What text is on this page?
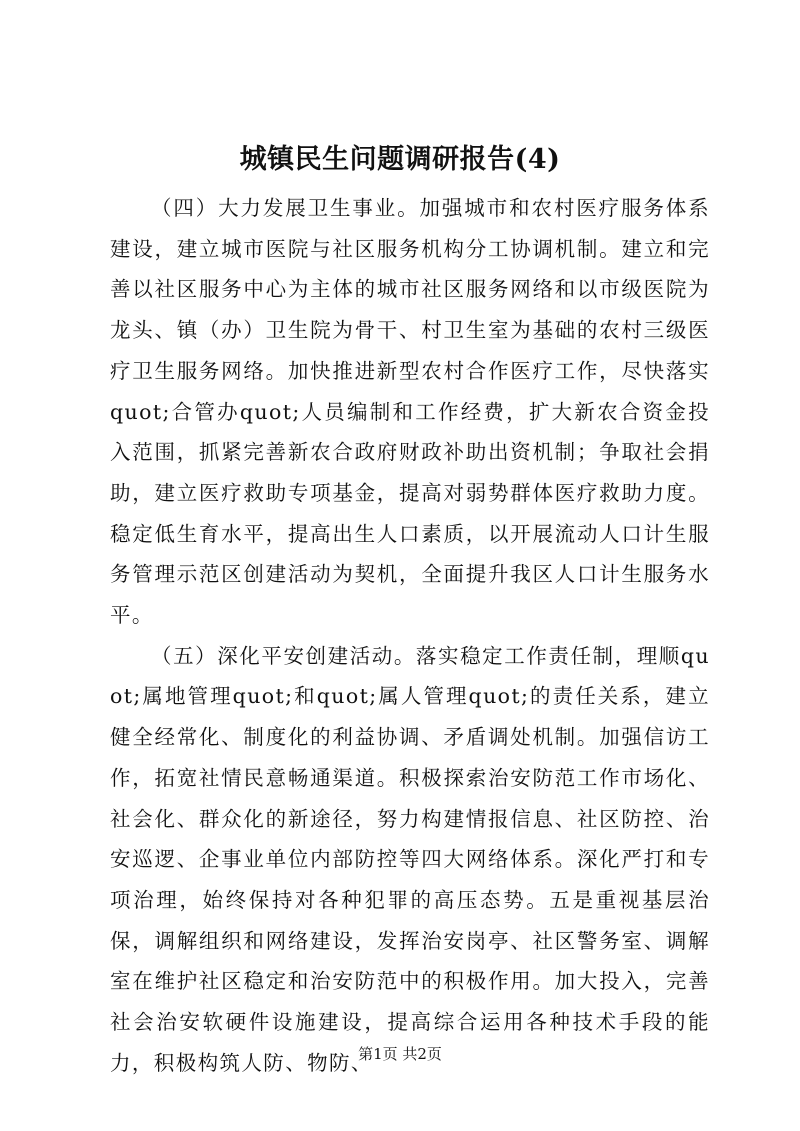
城镇民生问题调研报告(4)

（四）大力发展卫生事业。加强城市和农村医疗服务体系建设，建立城市医院与社区服务机构分工协调机制。建立和完善以社区服务中心为主体的城市社区服务网络和以市级医院为龙头、镇（办）卫生院为骨干、村卫生室为基础的农村三级医疗卫生服务网络。加快推进新型农村合作医疗工作，尽快落实quot;合管办quot;人员编制和工作经费，扩大新农合资金投入范围，抓紧完善新农合政府财政补助出资机制；争取社会捐助，建立医疗救助专项基金，提高对弱势群体医疗救助力度。稳定低生育水平，提高出生人口素质，以开展流动人口计生服务管理示范区创建活动为契机，全面提升我区人口计生服务水平。

（五）深化平安创建活动。落实稳定工作责任制，理顺quot;属地管理quot;和quot;属人管理quot;的责任关系，建立健全经常化、制度化的利益协调、矛盾调处机制。加强信访工作，拓宽社情民意畅通渠道。积极探索治安防范工作市场化、社会化、群众化的新途径，努力构建情报信息、社区防控、治安巡逻、企事业单位内部防控等四大网络体系。深化严打和专项治理，始终保持对各种犯罪的高压态势。五是重视基层治保，调解组织和网络建设，发挥治安岗亭、社区警务室、调解室在维护社区稳定和治安防范中的积极作用。加大投入，完善社会治安软硬件设施建设，提高综合运用各种技术手段的能力，积极构筑人防、物防、

第1页 共2页
